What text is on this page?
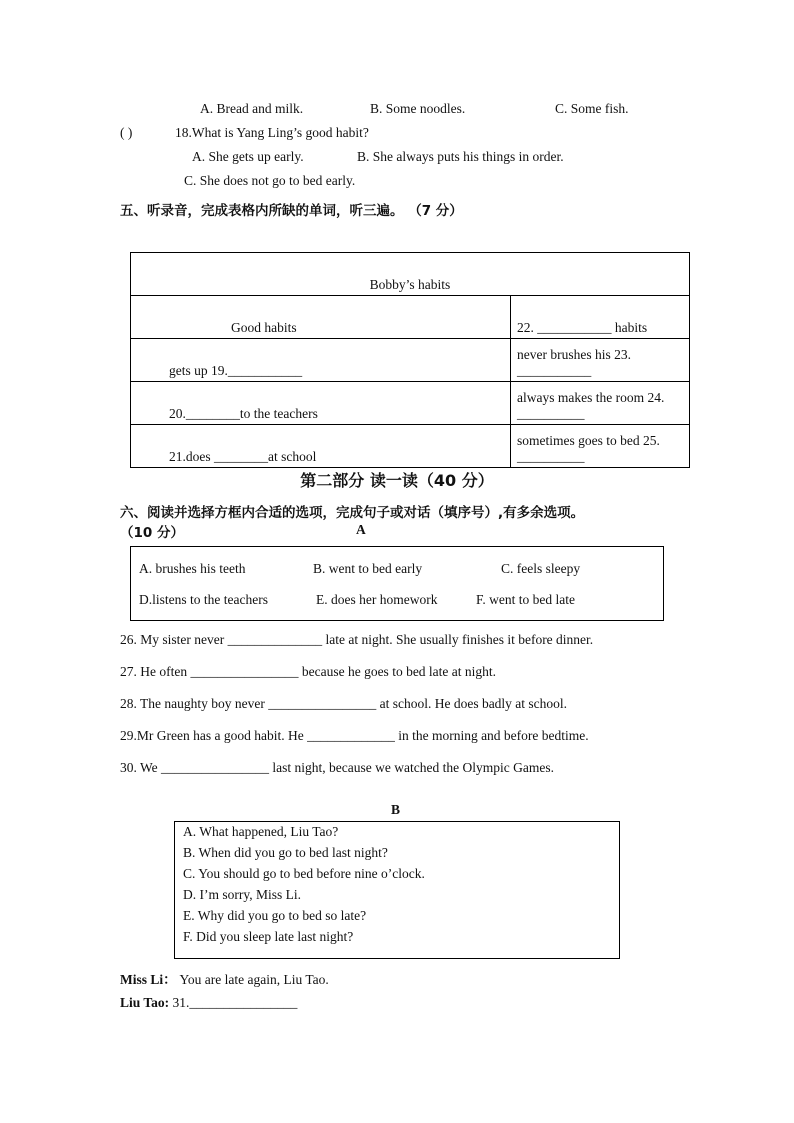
A. Bread and milk.	B. Some noodles.	C. Some fish.
( )	18.What is Yang Ling’s good habit?
A. She gets up early.	B. She always puts his things in order.
C. She does not go to bed early.
五、听录音，完成表格内所缺的单词，听三遍。 （7 分）
Bobby’s habits	
Good habits	22. ___________ habits
gets up 19.___________	never brushes his 23. ___________
20.________to the teachers	always makes the room 24. __________
21.does ________at school	sometimes goes to bed 25. __________
第二部分 读一读（40 分）
六、阅读并选择方框内合适的选项，完成句子或对话（填序号）,有多余选项。
（10 分）	A
A. brushes his teeth	B. went to bed early	C. feels sleepy
D.listens to the teachers	E. does her homework	F. went to bed late
26. My sister never ______________ late at night. She usually finishes it before dinner.
27. He often ________________ because he goes to bed late at night.
28. The naughty boy never ________________ at school. He does badly at school.
29.Mr Green has a good habit. He _____________ in the morning and before bedtime.
30. We ________________ last night, because we watched the Olympic Games.
B
A. What happened, Liu Tao?
B. When did you go to bed last night?
C. You should go to bed before nine o’clock.
D. I’m sorry, Miss Li.
E. Why did you go to bed so late?
F. Did you sleep late last night?
Miss Li： You are late again, Liu Tao.
Liu Tao: 31.________________
